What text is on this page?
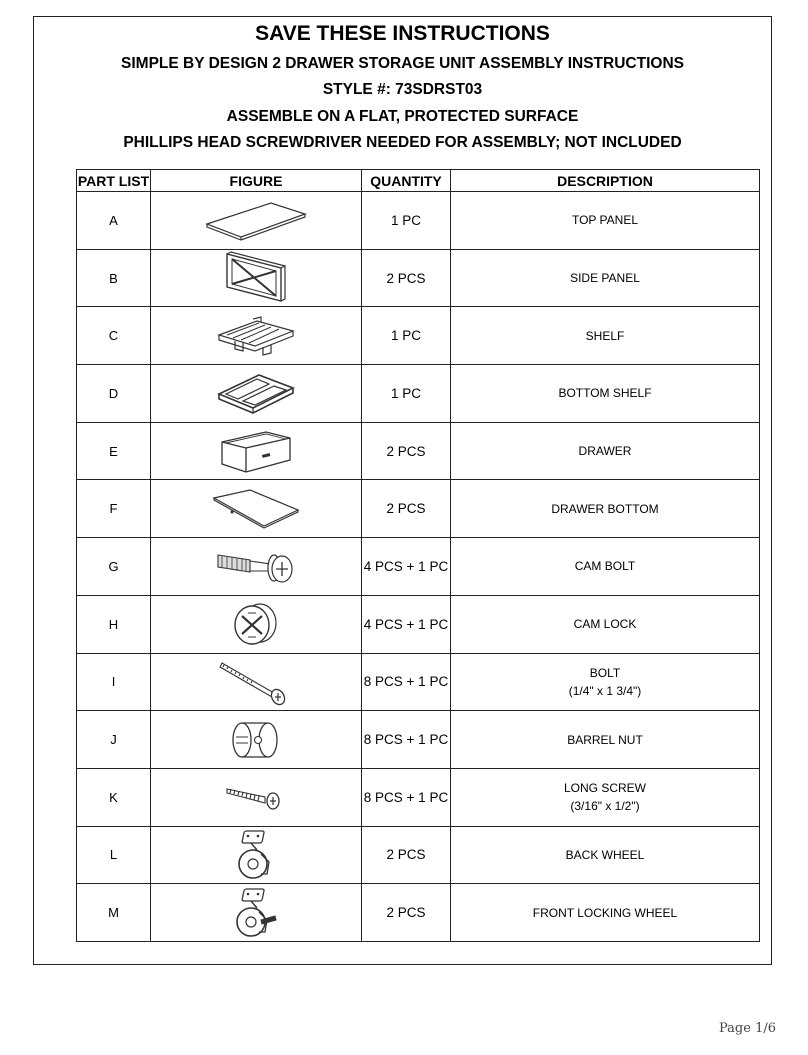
SAVE THESE INSTRUCTIONS
SIMPLE BY DESIGN 2 DRAWER STORAGE UNIT ASSEMBLY INSTRUCTIONS
STYLE #: 73SDRST03
ASSEMBLE ON A FLAT, PROTECTED SURFACE
PHILLIPS HEAD SCREWDRIVER NEEDED FOR ASSEMBLY; NOT INCLUDED
PART LIST	FIGURE	QUANTITY	DESCRIPTION
A		1 PC	TOP PANEL
B		2 PCS	SIDE PANEL
C		1 PC	SHELF
D		1 PC	BOTTOM SHELF
E		2 PCS	DRAWER
F		2 PCS	DRAWER BOTTOM
G		4 PCS + 1 PC	CAM BOLT
H		4 PCS + 1 PC	CAM LOCK
I		8 PCS + 1 PC	BOLT
(1/4" x 1 3/4")
J		8 PCS + 1 PC	BARREL NUT
K		8 PCS + 1 PC	LONG SCREW
(3/16" x 1/2")
L		2 PCS	BACK WHEEL
M		2 PCS	FRONT LOCKING WHEEL
Page 1/6
